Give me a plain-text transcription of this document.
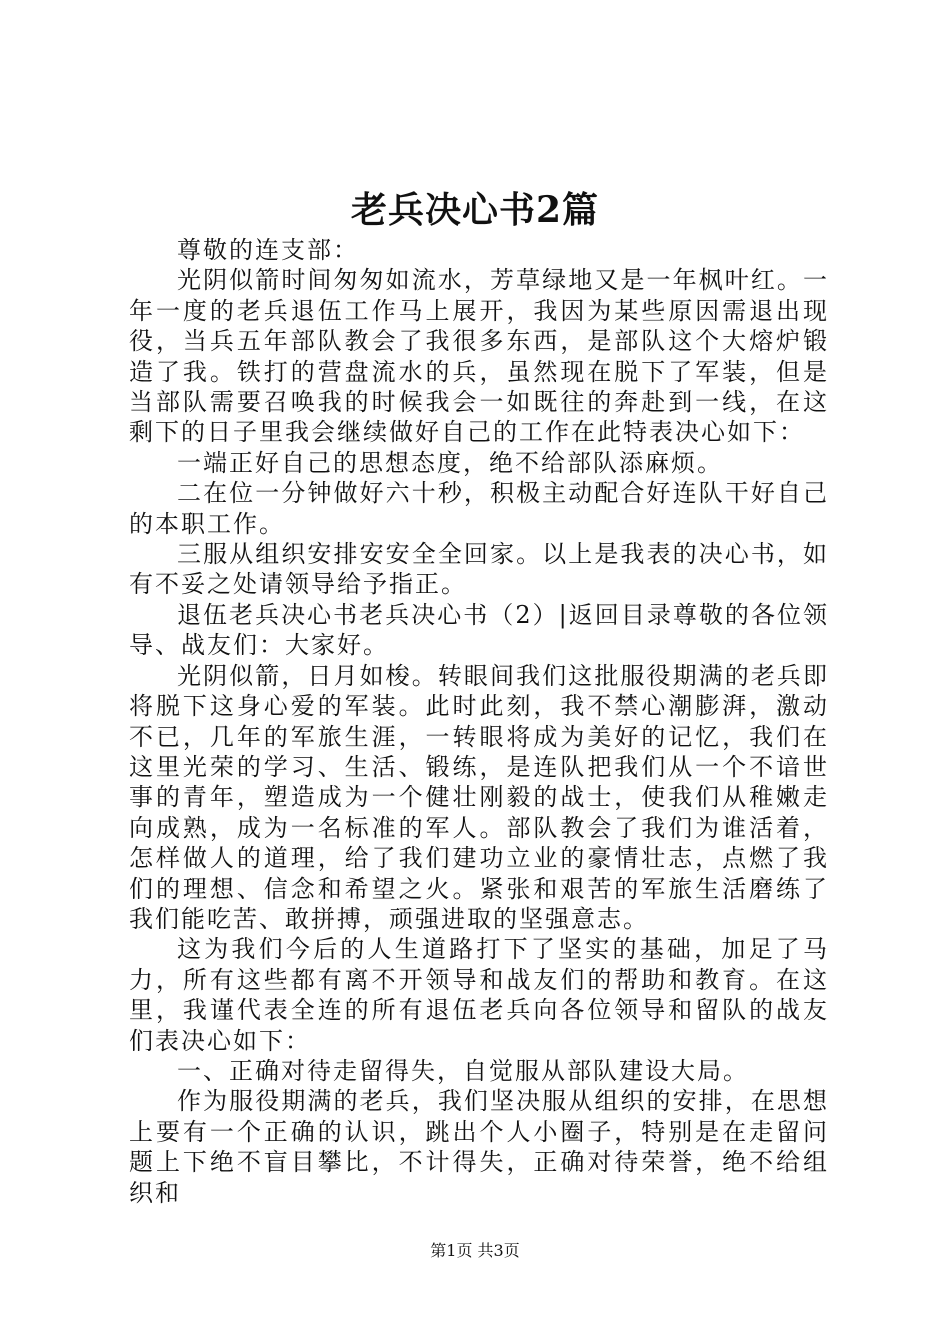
老兵决心书2篇

尊敬的连支部：

光阴似箭时间匆匆如流水，芳草绿地又是一年枫叶红。一年一度的老兵退伍工作马上展开，我因为某些原因需退出现役，当兵五年部队教会了我很多东西，是部队这个大熔炉锻造了我。铁打的营盘流水的兵，虽然现在脱下了军装，但是当部队需要召唤我的时候我会一如既往的奔赴到一线，在这剩下的日子里我会继续做好自己的工作在此特表决心如下：

一端正好自己的思想态度，绝不给部队添麻烦。

二在位一分钟做好六十秒，积极主动配合好连队干好自己的本职工作。

三服从组织安排安安全全回家。以上是我表的决心书，如有不妥之处请领导给予指正。

退伍老兵决心书老兵决心书（2）|返回目录尊敬的各位领导、战友们：大家好。

光阴似箭，日月如梭。转眼间我们这批服役期满的老兵即将脱下这身心爱的军装。此时此刻，我不禁心潮膨湃，激动不已，几年的军旅生涯，一转眼将成为美好的记忆，我们在这里光荣的学习、生活、锻练，是连队把我们从一个不谙世事的青年，塑造成为一个健壮刚毅的战士，使我们从稚嫩走向成熟，成为一名标准的军人。部队教会了我们为谁活着，怎样做人的道理，给了我们建功立业的豪情壮志，点燃了我们的理想、信念和希望之火。紧张和艰苦的军旅生活磨练了我们能吃苦、敢拼搏，顽强进取的坚强意志。

这为我们今后的人生道路打下了坚实的基础，加足了马力，所有这些都有离不开领导和战友们的帮助和教育。在这里，我谨代表全连的所有退伍老兵向各位领导和留队的战友们表决心如下：

一、正确对待走留得失，自觉服从部队建设大局。

作为服役期满的老兵，我们坚决服从组织的安排，在思想上要有一个正确的认识，跳出个人小圈子，特别是在走留问题上下绝不盲目攀比，不计得失，正确对待荣誉，绝不给组织和

第1页 共3页
